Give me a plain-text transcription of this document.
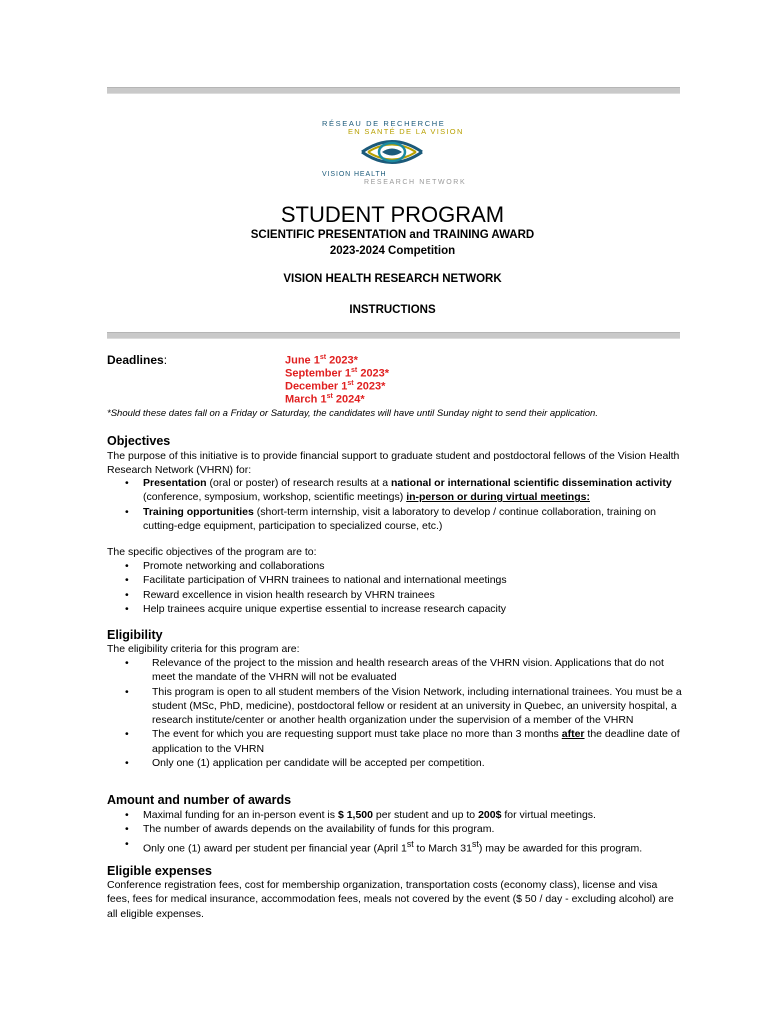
RÉSEAU DE RECHERCHE
EN SANTÉ DE LA VISION
VISION HEALTH
RESEARCH NETWORK
STUDENT PROGRAM
SCIENTIFIC PRESENTATION and TRAINING AWARD
2023-2024 Competition
VISION HEALTH RESEARCH NETWORK
INSTRUCTIONS
Deadlines:	June 1st 2023*
September 1st 2023*
December 1st 2023*
March 1st 2024*
*Should these dates fall on a Friday or Saturday, the candidates will have until Sunday night to send their application.
Objectives
The purpose of this initiative is to provide financial support to graduate student and postdoctoral fellows of the Vision Health Research Network (VHRN) for:
• Presentation (oral or poster) of research results at a national or international scientific dissemination activity (conference, symposium, workshop, scientific meetings) in-person or during virtual meetings:
• Training opportunities (short-term internship, visit a laboratory to develop / continue collaboration, training on cutting-edge equipment, participation to specialized course, etc.)
The specific objectives of the program are to:
• Promote networking and collaborations
• Facilitate participation of VHRN trainees to national and international meetings
• Reward excellence in vision health research by VHRN trainees
• Help trainees acquire unique expertise essential to increase research capacity
Eligibility
The eligibility criteria for this program are:
• Relevance of the project to the mission and health research areas of the VHRN vision. Applications that do not meet the mandate of the VHRN will not be evaluated
• This program is open to all student members of the Vision Network, including international trainees. You must be a student (MSc, PhD, medicine), postdoctoral fellow or resident at an university in Quebec, an university hospital, a research institute/center or another health organization under the supervision of a member of the VHRN
• The event for which you are requesting support must take place no more than 3 months after the deadline date of application to the VHRN
• Only one (1) application per candidate will be accepted per competition.
Amount and number of awards
• Maximal funding for an in-person event is $ 1,500 per student and up to 200$ for virtual meetings.
• The number of awards depends on the availability of funds for this program.
• Only one (1) award per student per financial year (April 1st to March 31st) may be awarded for this program.
Eligible expenses
Conference registration fees, cost for membership organization, transportation costs (economy class), license and visa fees, fees for medical insurance, accommodation fees, meals not covered by the event ($ 50 / day - excluding alcohol) are all eligible expenses.
